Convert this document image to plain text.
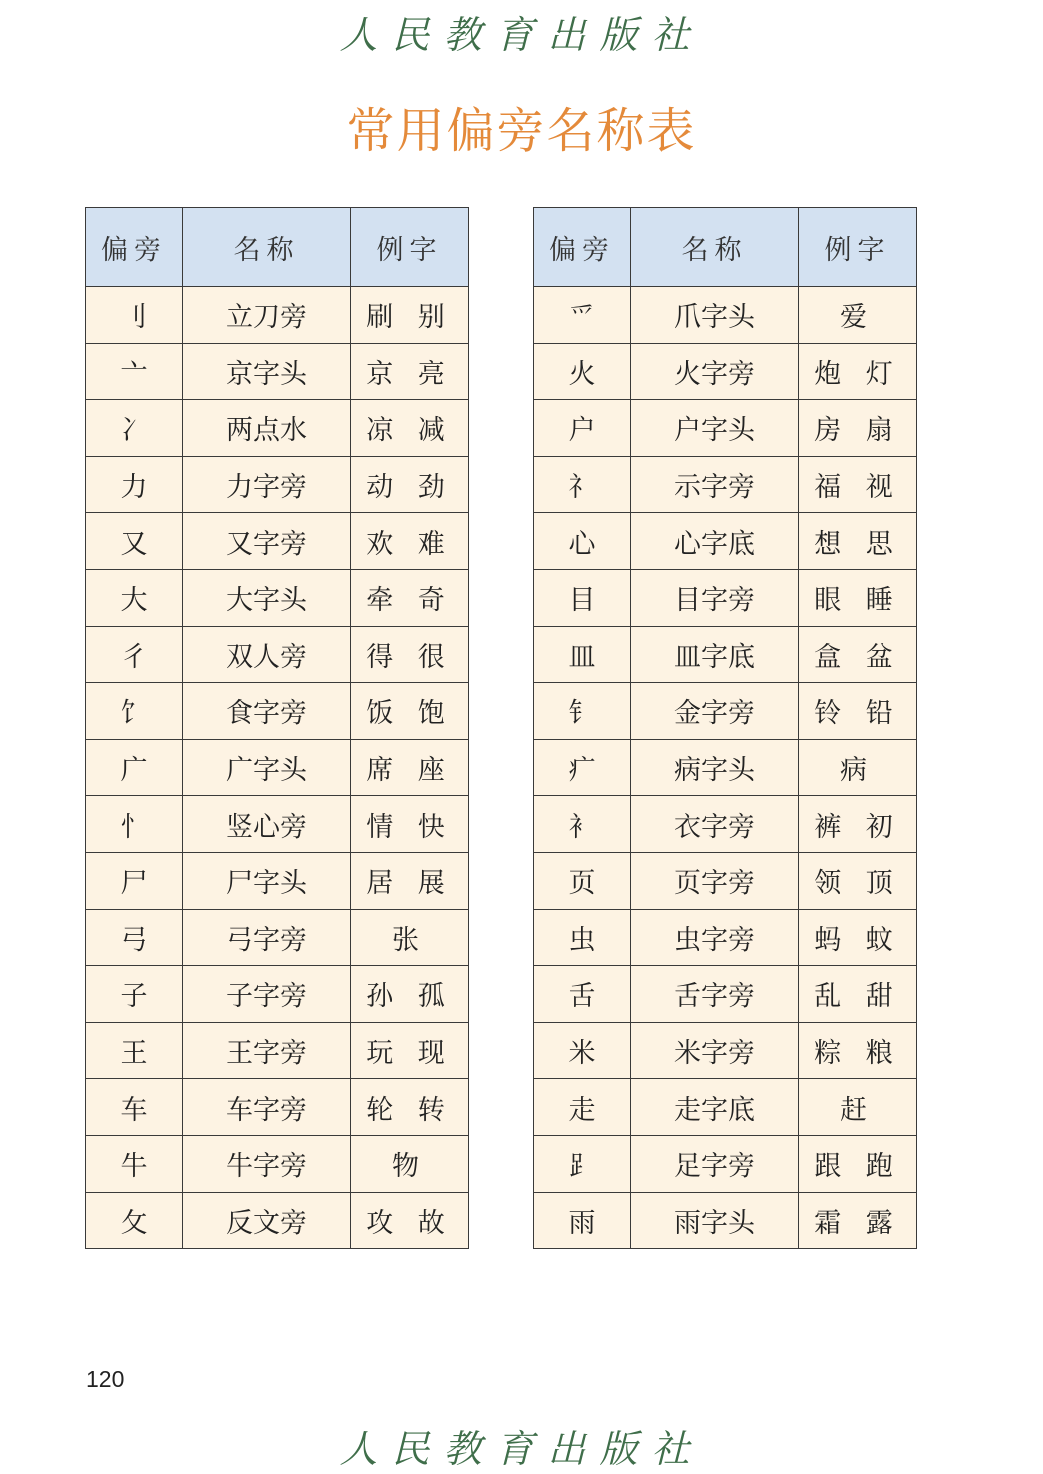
人民教育出版社
常用偏旁名称表
偏旁	名称	例字
刂	立刀旁	刷 别
亠	京字头	京 亮
冫	两点水	凉 减
力	力字旁	动 劲
又	又字旁	欢 难
大	大字头	牵 奇
彳	双人旁	得 很
饣	食字旁	饭 饱
广	广字头	席 座
忄	竖心旁	情 快
尸	尸字头	居 展
弓	弓字旁	张
子	子字旁	孙 孤
王	王字旁	玩 现
车	车字旁	轮 转
牛	牛字旁	物
攵	反文旁	攻 故
偏旁	名称	例字
爫	爪字头	爱
火	火字旁	炮 灯
户	户字头	房 扇
礻	示字旁	福 视
心	心字底	想 思
目	目字旁	眼 睡
皿	皿字底	盒 盆
钅	金字旁	铃 铅
疒	病字头	病
衤	衣字旁	裤 初
页	页字旁	领 顶
虫	虫字旁	蚂 蚊
舌	舌字旁	乱 甜
米	米字旁	粽 粮
走	走字底	赶
⻊	足字旁	跟 跑
雨	雨字头	霜 露
120
人民教育出版社
